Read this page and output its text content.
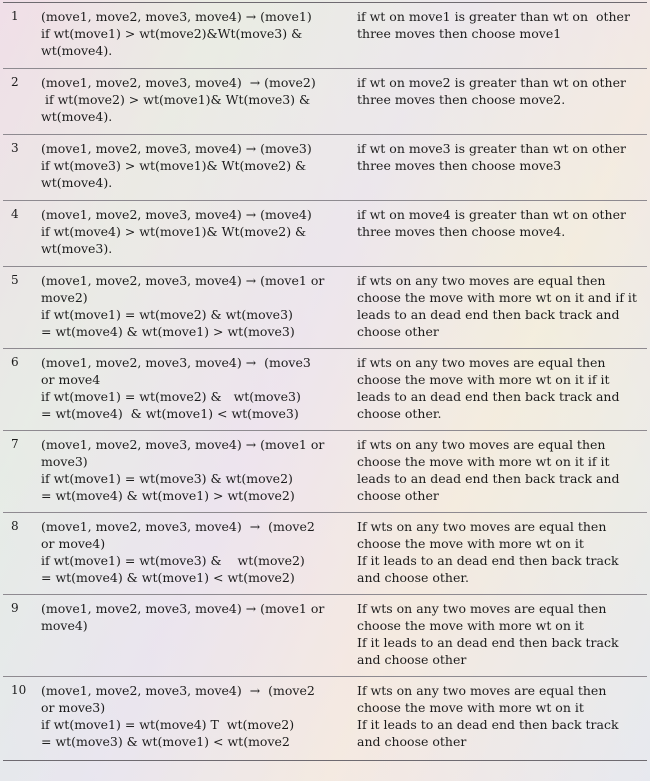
1	(move1, move2, move3, move4) → (move1)
if wt(move1) > wt(move2)&Wt(move3) &
wt(move4).	if wt on move1 is greater than wt on  other
three moves then choose move1

2	(move1, move2, move3, move4)  → (move2)
if wt(move2) > wt(move1)& Wt(move3) &
wt(move4).	if wt on move2 is greater than wt on other
three moves then choose move2.

3	(move1, move2, move3, move4) → (move3)
if wt(move3) > wt(move1)& Wt(move2) &
wt(move4).	if wt on move3 is greater than wt on other
three moves then choose move3

4	(move1, move2, move3, move4) → (move4)
if wt(move4) > wt(move1)& Wt(move2) &
wt(move3).	if wt on move4 is greater than wt on other
three moves then choose move4.

5	(move1, move2, move3, move4) → (move1 or
move2)
if wt(move1) = wt(move2) & wt(move3)
= wt(move4) & wt(move1) > wt(move3)	if wts on any two moves are equal then
choose the move with more wt on it and if it
leads to an dead end then back track and
choose other

6	(move1, move2, move3, move4) →  (move3
or move4
if wt(move1) = wt(move2) &   wt(move3)
= wt(move4)  & wt(move1) < wt(move3)	if wts on any two moves are equal then
choose the move with more wt on it if it
leads to an dead end then back track and
choose other.

7	(move1, move2, move3, move4) → (move1 or
move3)
if wt(move1) = wt(move3) & wt(move2)
= wt(move4) & wt(move1) > wt(move2)	if wts on any two moves are equal then
choose the move with more wt on it if it
leads to an dead end then back track and
choose other

8	(move1, move2, move3, move4)  →  (move2
or move4)
if wt(move1) = wt(move3) &    wt(move2)
= wt(move4) & wt(move1) < wt(move2)	If wts on any two moves are equal then
choose the move with more wt on it
If it leads to an dead end then back track
and choose other.

9	(move1, move2, move3, move4) → (move1 or
move4)	If wts on any two moves are equal then
choose the move with more wt on it
If it leads to an dead end then back track
and choose other

10	(move1, move2, move3, move4)  →  (move2
or move3)
if wt(move1) = wt(move4) T  wt(move2)
= wt(move3) & wt(move1) < wt(move2	If wts on any two moves are equal then
choose the move with more wt on it
If it leads to an dead end then back track
and choose other
